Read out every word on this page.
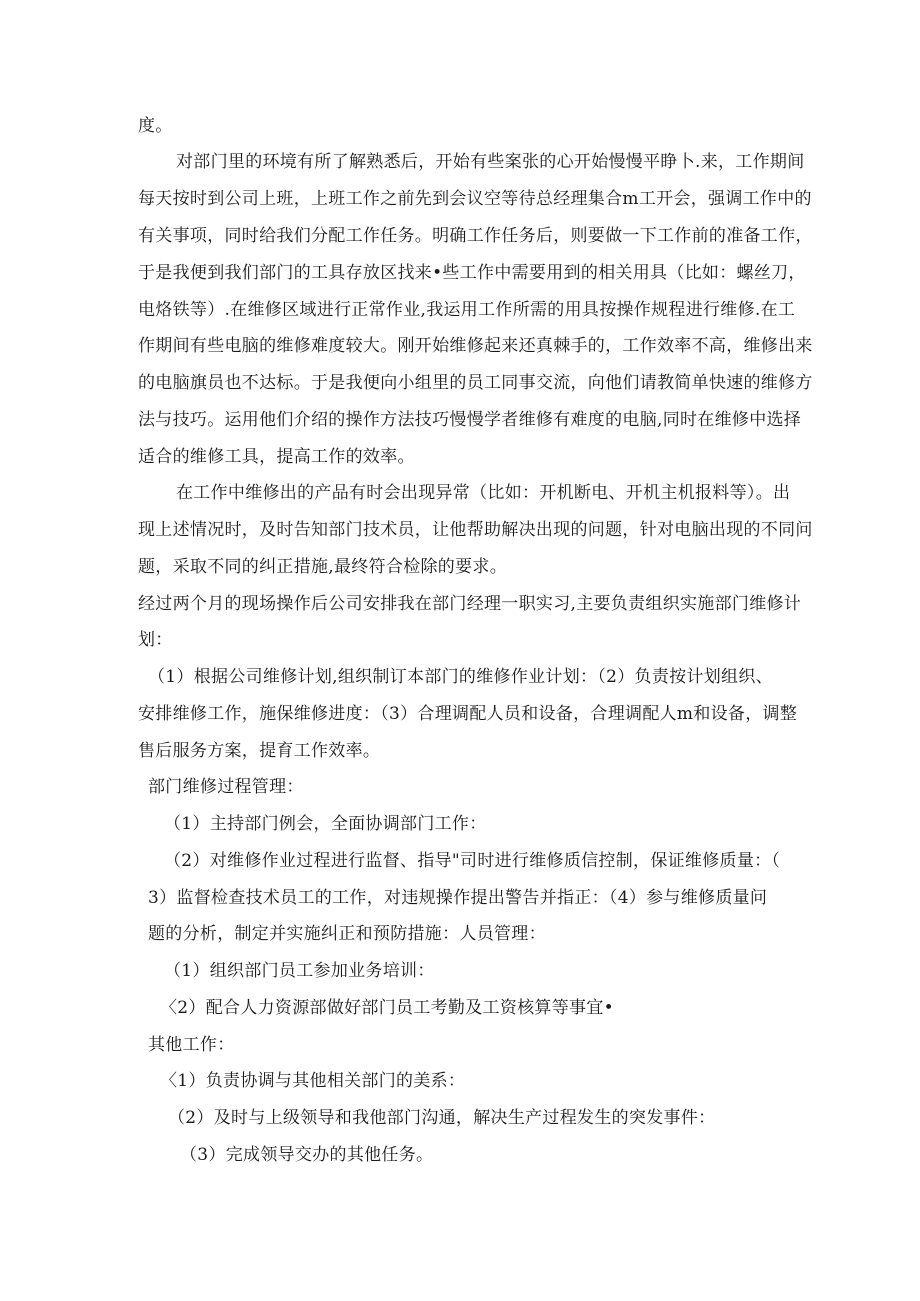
度。
对部门里的环境有所了解熟悉后，开始有些案张的心开始慢慢平睁卜.来，工作期间
每天按时到公司上班，上班工作之前先到会议空等待总经理集合m工开会，强调工作中的
有关事项，同时给我们分配工作任务。明确工作任务后，则要做一下工作前的准备工作，
于是我便到我们部门的工具存放区找来•些工作中需要用到的相关用具（比如：螺丝刀，
电烙铁等）.在维修区域进行正常作业,我运用工作所需的用具按操作规程进行维修.在工
作期间有些电脑的维修难度较大。刚开始维修起来还真棘手的，工作效率不高，维修出来
的电脑旗员也不达标。于是我便向小组里的员工同事交流，向他们请教简单快速的维修方
法与技巧。运用他们介绍的操作方法技巧慢慢学者维修有难度的电脑,同时在维修中选择
适合的维修工具，提高工作的效率。
在工作中维修出的产品有时会出现异常（比如：开机断电、开机主机报料等）。出
现上述情况时，及时告知部门技术员，让他帮助解决出现的问题，针对电脑出现的不同问
题，采取不同的纠正措施,最终符合检除的要求。
经过两个月的现场操作后公司安排我在部门经理一职实习,主要负责组织实施部门维修计
划：
（1）根据公司维修计划,组织制订本部门的维修作业计划：（2）负责按计划组织、
安排维修工作，施保维修进度：（3）合理调配人员和设备，合理调配人m和设备，调整
售后服务方案，提育工作效率。
部门维修过程管理：
（1）主持部门例会，全面协调部门工作：
（2）对维修作业过程进行监督、指导"司时进行维修质信控制，保证维修质量：（
3）监督检查技术员工的工作，对违规操作提出警告并指正：（4）参与维修质量问
题的分析，制定并实施纠正和预防措施：人员管理：
（1）组织部门员工参加业务培训：
〈2）配合人力资源部做好部门员工考勤及工资核算等事宜•
其他工作：
〈1）负责协调与其他相关部门的美系：
（2）及时与上级领导和我他部门沟通，解决生产过程发生的突发事件：
（3）完成领导交办的其他任务。
